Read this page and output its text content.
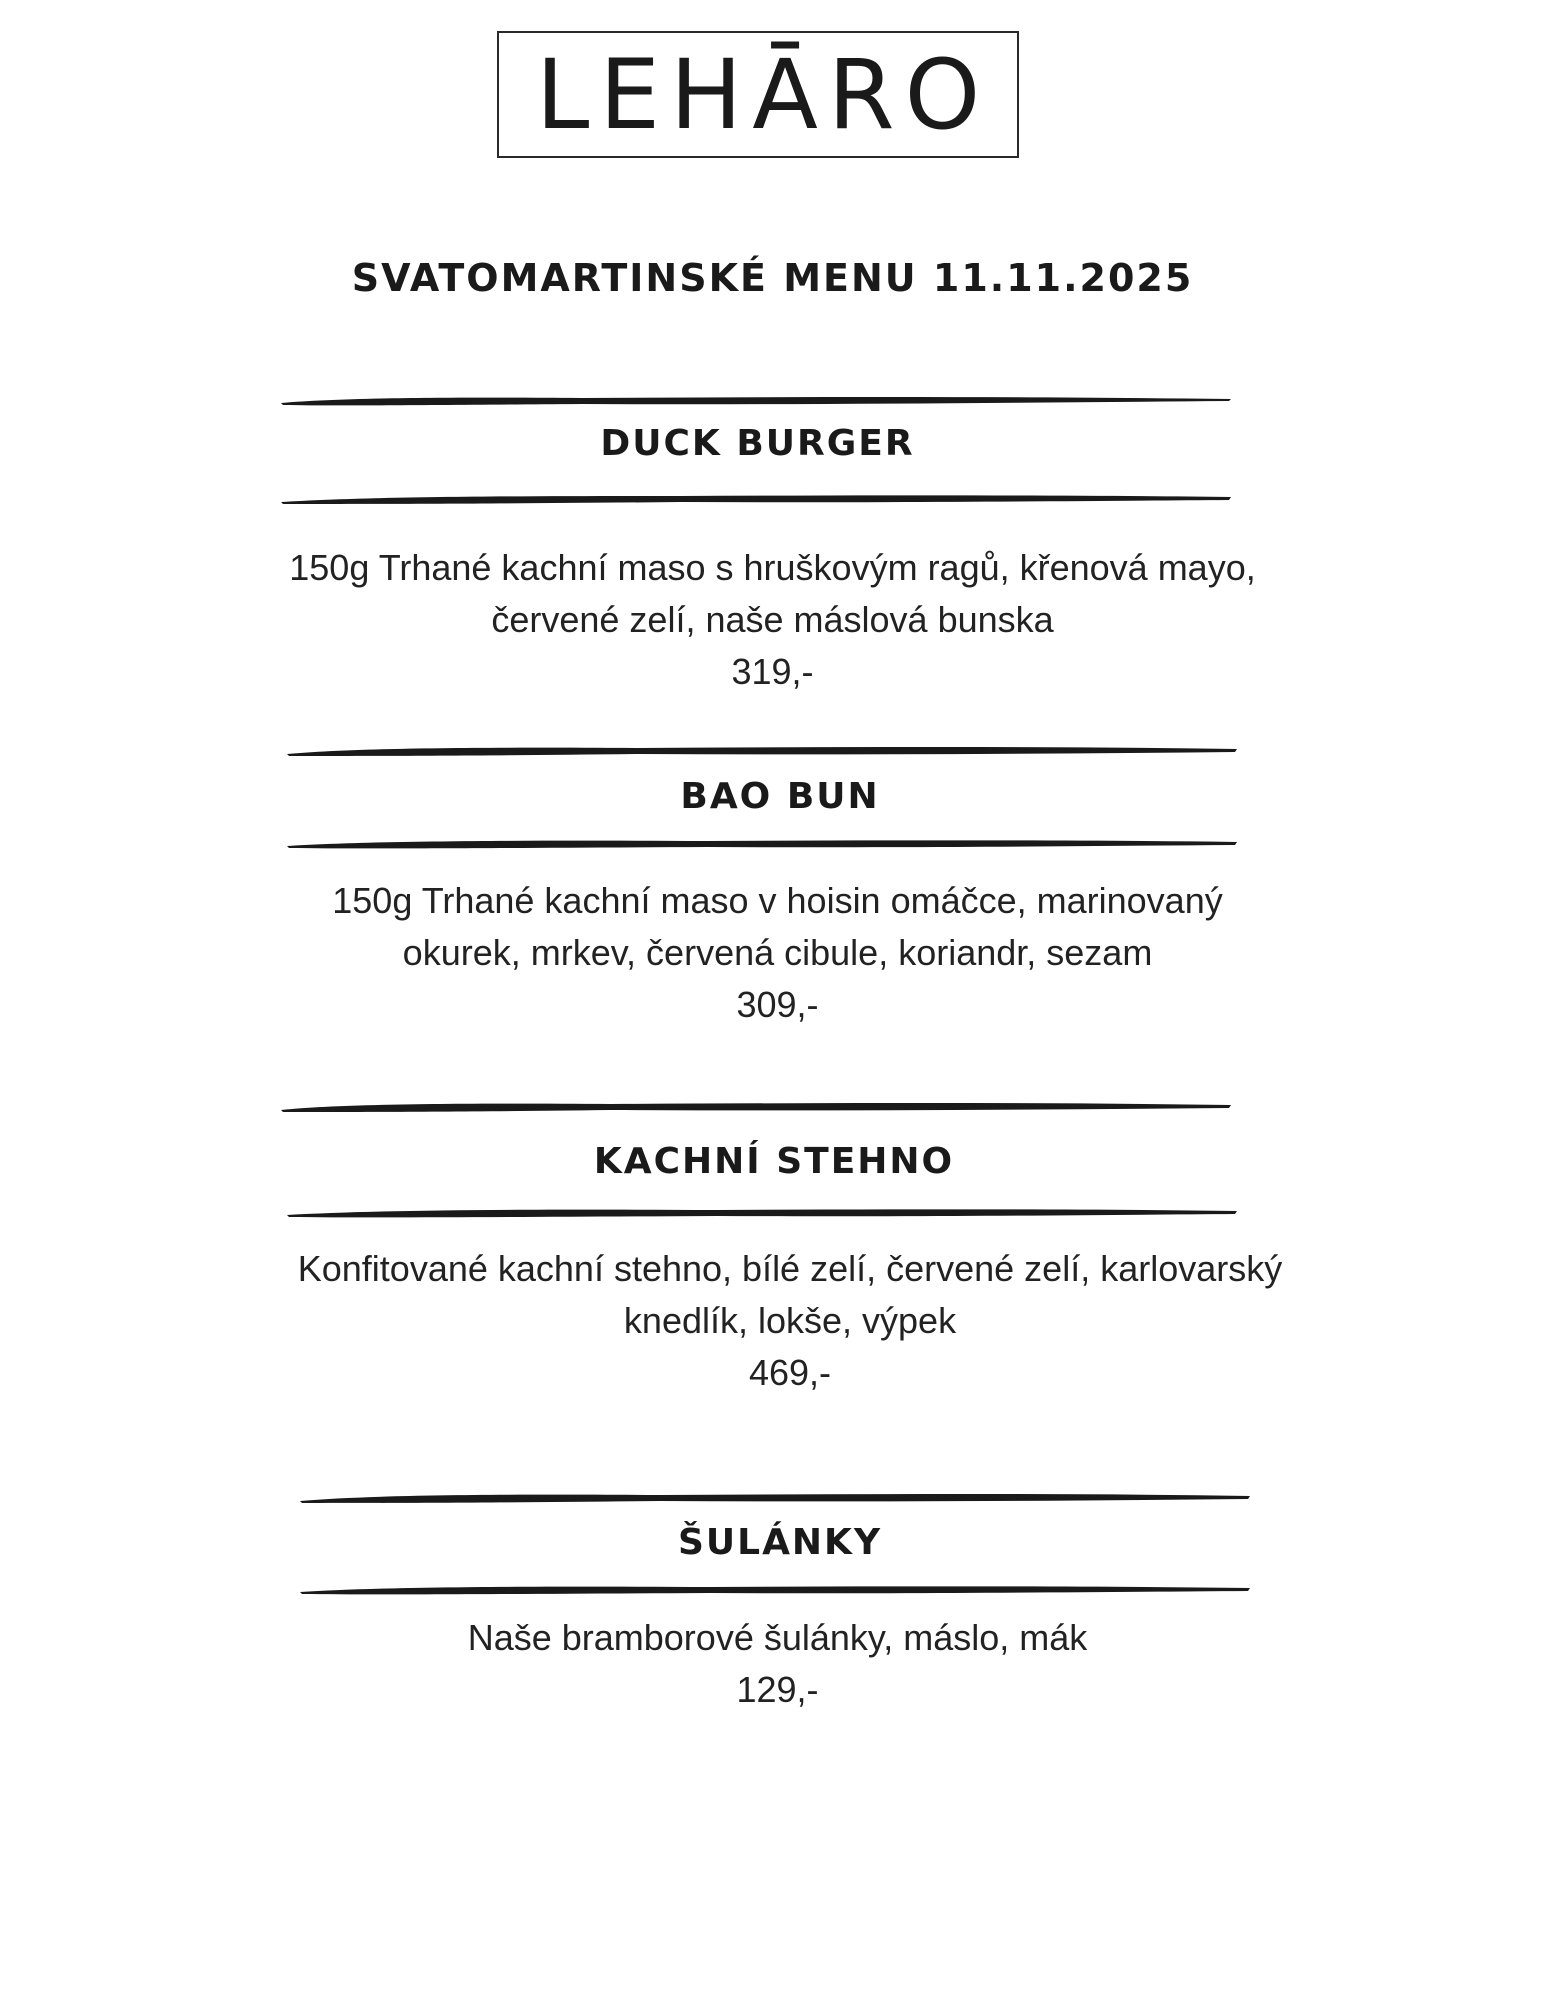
LEHĀRO
SVATOMARTINSKÉ MENU 11.11.2025
DUCK BURGER
150g Trhané kachní maso s hruškovým ragů, křenová mayo,
červené zelí, naše máslová bunska
319,-
BAO BUN
150g Trhané kachní maso v hoisin omáčce, marinovaný
okurek, mrkev, červená cibule, koriandr, sezam
309,-
KACHNÍ STEHNO
Konfitované kachní stehno, bílé zelí, červené zelí, karlovarský
knedlík, lokše, výpek
469,-
ŠULÁNKY
Naše bramborové šulánky, máslo, mák
129,-
